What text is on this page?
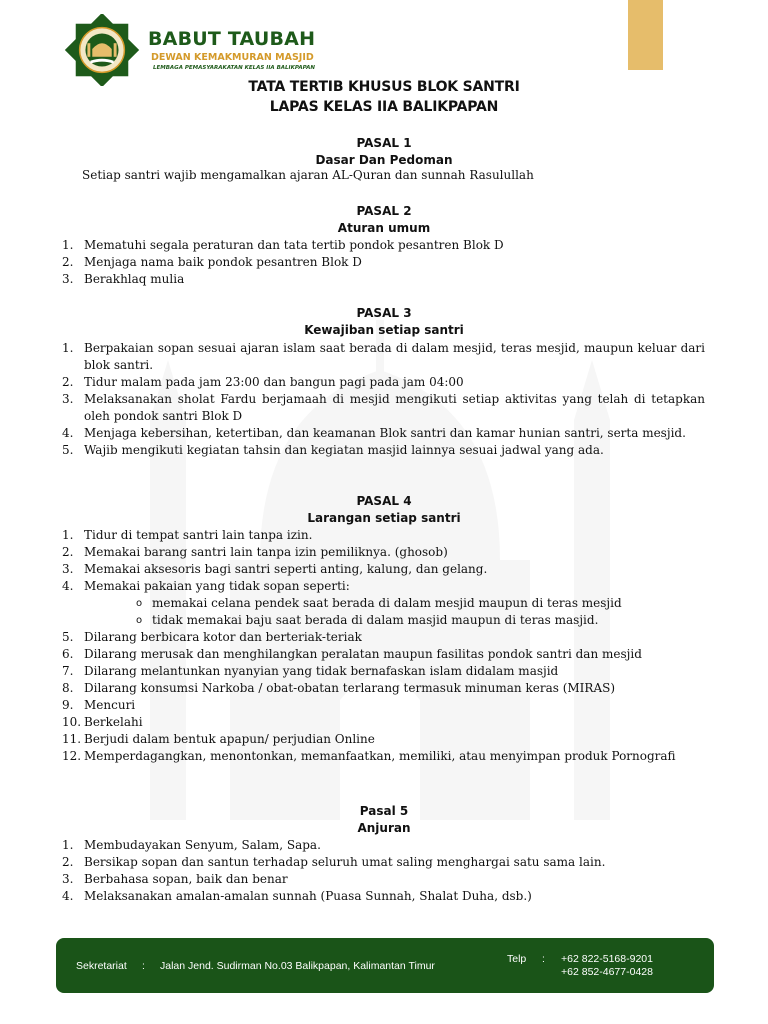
BABUT TAUBAH
DEWAN KEMAKMURAN MASJID
LEMBAGA PEMASYARAKATAN KELAS IIA BALIKPAPAN
TATA TERTIB KHUSUS BLOK SANTRI
LAPAS KELAS IIA BALIKPAPAN
PASAL 1
Dasar Dan Pedoman
Setiap santri wajib mengamalkan ajaran AL-Quran dan sunnah Rasulullah
PASAL 2
Aturan umum
1. Mematuhi segala peraturan dan tata tertib pondok pesantren Blok D
2. Menjaga nama baik pondok pesantren Blok D
3. Berakhlaq mulia
PASAL 3
Kewajiban setiap santri
1. Berpakaian sopan sesuai ajaran islam saat berada di dalam mesjid, teras mesjid, maupun keluar dari blok santri.
2. Tidur malam pada jam 23:00 dan bangun pagi pada jam 04:00
3. Melaksanakan sholat Fardu berjamaah di mesjid mengikuti setiap aktivitas yang telah di tetapkan oleh pondok santri Blok D
4. Menjaga kebersihan, ketertiban, dan keamanan Blok santri dan kamar hunian santri, serta mesjid.
5. Wajib mengikuti kegiatan tahsin dan kegiatan masjid lainnya sesuai jadwal yang ada.
PASAL 4
Larangan setiap santri
1. Tidur di tempat santri lain tanpa izin.
2. Memakai barang santri lain tanpa izin pemiliknya. (ghosob)
3. Memakai aksesoris bagi santri seperti anting, kalung, dan gelang.
4. Memakai pakaian yang tidak sopan seperti:
o memakai celana pendek saat berada di dalam mesjid maupun di teras mesjid
o tidak memakai baju saat berada di dalam masjid maupun di teras masjid.
5. Dilarang berbicara kotor dan berteriak-teriak
6. Dilarang merusak dan menghilangkan peralatan maupun fasilitas pondok santri dan mesjid
7. Dilarang melantunkan nyanyian yang tidak bernafaskan islam didalam masjid
8. Dilarang konsumsi Narkoba / obat-obatan terlarang termasuk minuman keras (MIRAS)
9. Mencuri
10. Berkelahi
11. Berjudi dalam bentuk apapun/ perjudian Online
12. Memperdagangkan, menontonkan, memanfaatkan, memiliki, atau menyimpan produk Pornografi
Pasal 5
Anjuran
1. Membudayakan Senyum, Salam, Sapa.
2. Bersikap sopan dan santun terhadap seluruh umat saling menghargai satu sama lain.
3. Berbahasa sopan, baik dan benar
4. Melaksanakan amalan-amalan sunnah (Puasa Sunnah, Shalat Duha, dsb.)
Sekretariat : Jalan Jend. Sudirman No.03 Balikpapan, Kalimantan Timur
Telp : +62 822-5168-9201
+62 852-4677-0428
